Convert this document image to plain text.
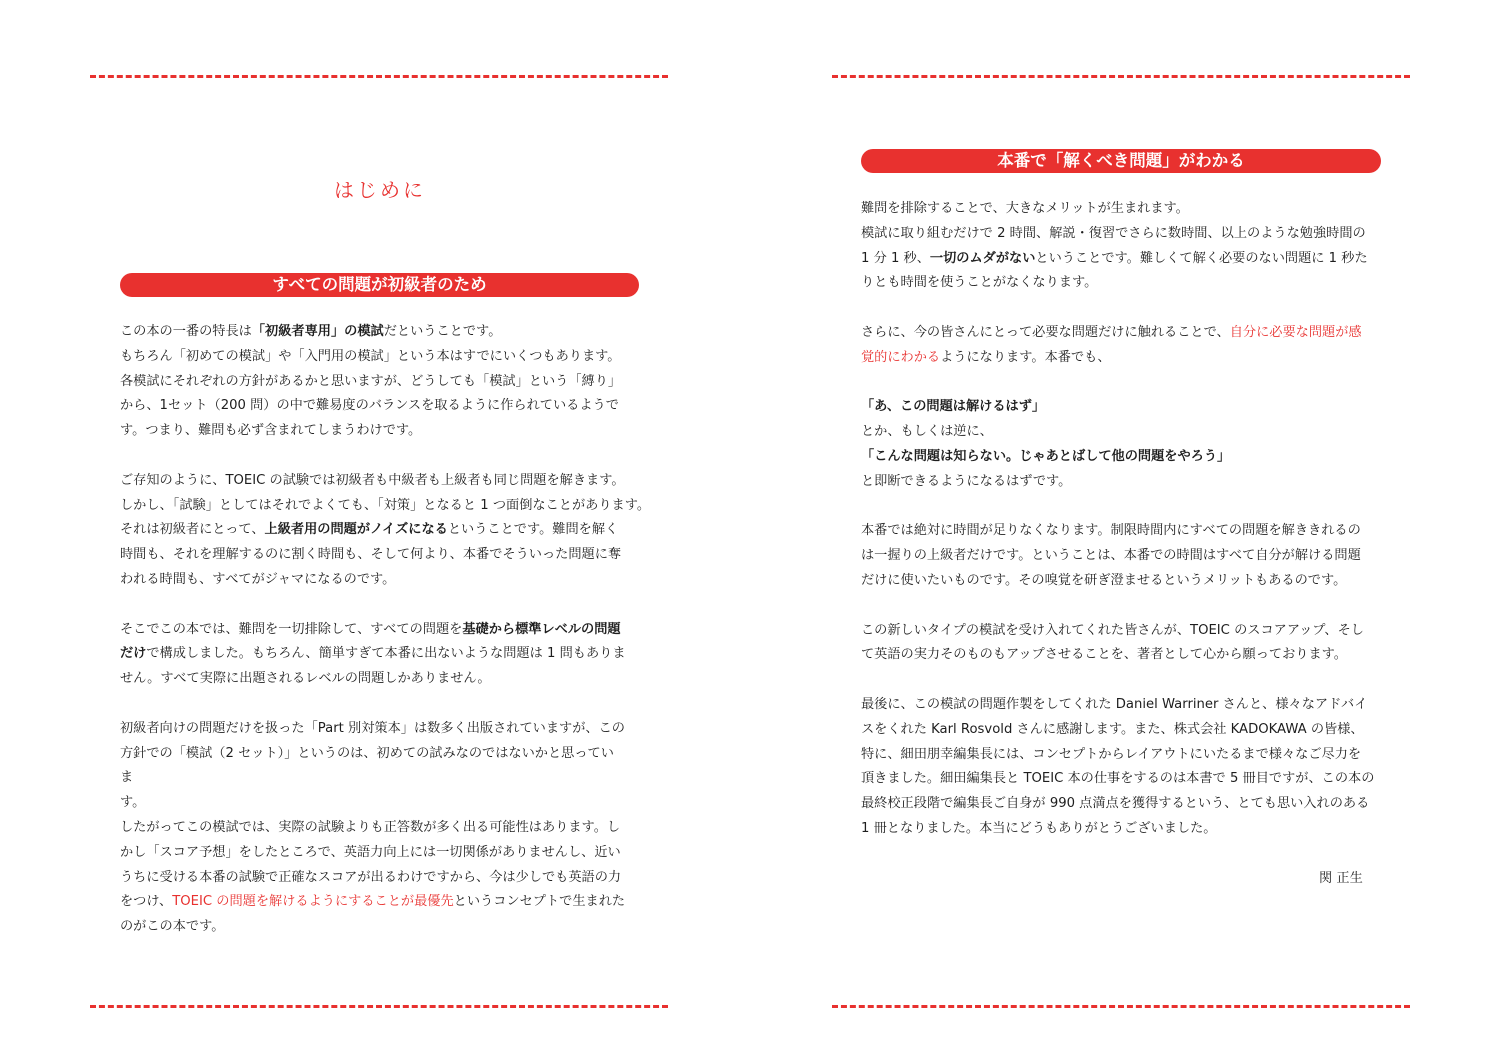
はじめに
すべての問題が初級者のため
この本の一番の特長は「初級者専用」の模試だということです。
もちろん「初めての模試」や「入門用の模試」という本はすでにいくつもあります。
各模試にそれぞれの方針があるかと思いますが、どうしても「模試」という「縛り」
から、1セット（200 問）の中で難易度のバランスを取るように作られているようで
す。つまり、難問も必ず含まれてしまうわけです。
ご存知のように、TOEIC の試験では初級者も中級者も上級者も同じ問題を解きます。
しかし、「試験」としてはそれでよくても、「対策」となると 1 つ面倒なことがあります。
それは初級者にとって、上級者用の問題がノイズになるということです。難問を解く
時間も、それを理解するのに割く時間も、そして何より、本番でそういった問題に奪
われる時間も、すべてがジャマになるのです。
そこでこの本では、難問を一切排除して、すべての問題を基礎から標準レベルの問題
だけで構成しました。もちろん、簡単すぎて本番に出ないような問題は 1 問もありま
せん。すべて実際に出題されるレベルの問題しかありません。
初級者向けの問題だけを扱った「Part 別対策本」は数多く出版されていますが、この
方針での「模試（2 セット）」というのは、初めての試みなのではないかと思ってい
ま
す。
したがってこの模試では、実際の試験よりも正答数が多く出る可能性はあります。し
かし「スコア予想」をしたところで、英語力向上には一切関係がありませんし、近い
うちに受ける本番の試験で正確なスコアが出るわけですから、今は少しでも英語の力
をつけ、TOEIC の問題を解けるようにすることが最優先というコンセプトで生まれた
のがこの本です。
本番で「解くべき問題」がわかる
難問を排除することで、大きなメリットが生まれます。
模試に取り組むだけで 2 時間、解説・復習でさらに数時間、以上のような勉強時間の
1 分 1 秒、一切のムダがないということです。難しくて解く必要のない問題に 1 秒た
りとも時間を使うことがなくなります。
さらに、今の皆さんにとって必要な問題だけに触れることで、自分に必要な問題が感
覚的にわかるようになります。本番でも、
「あ、この問題は解けるはず」
とか、もしくは逆に、
「こんな問題は知らない。じゃあとばして他の問題をやろう」
と即断できるようになるはずです。
本番では絶対に時間が足りなくなります。制限時間内にすべての問題を解ききれるの
は一握りの上級者だけです。ということは、本番での時間はすべて自分が解ける問題
だけに使いたいものです。その嗅覚を研ぎ澄ませるというメリットもあるのです。
この新しいタイプの模試を受け入れてくれた皆さんが、TOEIC のスコアアップ、そし
て英語の実力そのものもアップさせることを、著者として心から願っております。
最後に、この模試の問題作製をしてくれた Daniel Warriner さんと、様々なアドバイ
スをくれた Karl Rosvold さんに感謝します。また、株式会社 KADOKAWA の皆様、
特に、細田朋幸編集長には、コンセプトからレイアウトにいたるまで様々なご尽力を
頂きました。細田編集長と TOEIC 本の仕事をするのは本書で 5 冊目ですが、この本の
最終校正段階で編集長ご自身が 990 点満点を獲得するという、とても思い入れのある
1 冊となりました。本当にどうもありがとうございました。
関 正生
